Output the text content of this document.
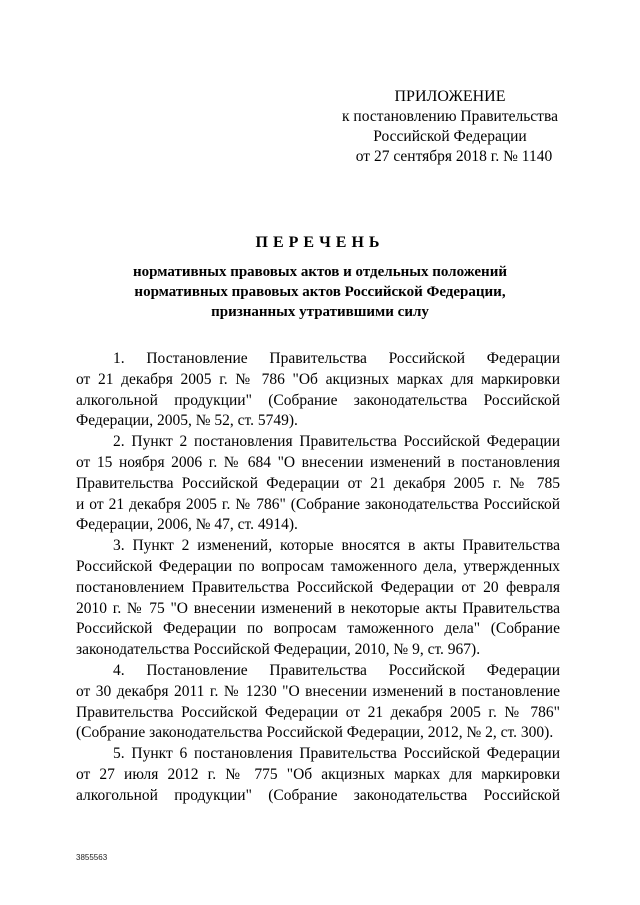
ПРИЛОЖЕНИЕ
к постановлению Правительства
Российской Федерации
от 27 сентября 2018 г. № 1140
ПЕРЕЧЕНЬ
нормативных правовых актов и отдельных положений
нормативных правовых актов Российской Федерации,
признанных утратившими силу
1. Постановление Правительства Российской Федерации
от 21 декабря 2005 г. № 786 "Об акцизных марках для маркировки
алкогольной продукции" (Собрание законодательства Российской
Федерации, 2005, № 52, ст. 5749).
2. Пункт 2 постановления Правительства Российской Федерации
от 15 ноября 2006 г. № 684 "О внесении изменений в постановления
Правительства Российской Федерации от 21 декабря 2005 г. № 785
и от 21 декабря 2005 г. № 786" (Собрание законодательства Российской
Федерации, 2006, № 47, ст. 4914).
3. Пункт 2 изменений, которые вносятся в акты Правительства
Российской Федерации по вопросам таможенного дела, утвержденных
постановлением Правительства Российской Федерации от 20 февраля
2010 г. № 75 "О внесении изменений в некоторые акты Правительства
Российской Федерации по вопросам таможенного дела" (Собрание
законодательства Российской Федерации, 2010, № 9, ст. 967).
4. Постановление Правительства Российской Федерации
от 30 декабря 2011 г. № 1230 "О внесении изменений в постановление
Правительства Российской Федерации от 21 декабря 2005 г. № 786"
(Собрание законодательства Российской Федерации, 2012, № 2, ст. 300).
5. Пункт 6 постановления Правительства Российской Федерации
от 27 июля 2012 г. № 775 "Об акцизных марках для маркировки
алкогольной продукции" (Собрание законодательства Российской
3855563
